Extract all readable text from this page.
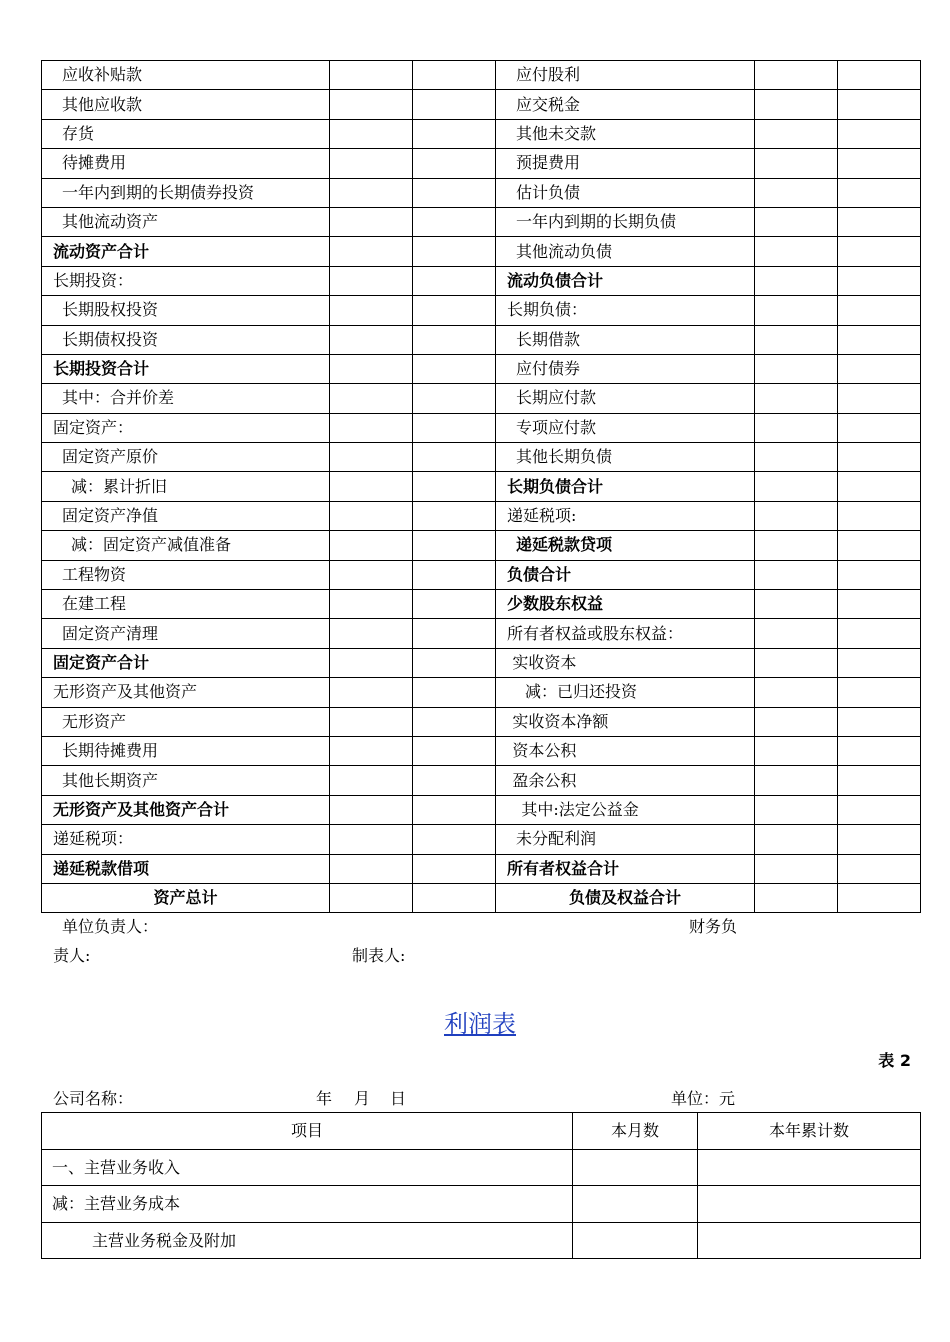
应收补贴款			应付股利		
其他应收款			应交税金		
存货			其他未交款		
待摊费用			预提费用		
一年内到期的长期债券投资			估计负债		
其他流动资产			一年内到期的长期负债		
流动资产合计			其他流动负债		
长期投资：			流动负债合计		
长期股权投资			长期负债：		
长期债权投资			长期借款		
长期投资合计			应付债券		
其中：合并价差			长期应付款		
固定资产：			专项应付款		
固定资产原价			其他长期负债		
减：累计折旧			长期负债合计		
固定资产净值			递延税项:		
减：固定资产减值准备			递延税款贷项		
工程物资			负债合计		
在建工程			少数股东权益		
固定资产清理			所有者权益或股东权益：		
固定资产合计			实收资本		
无形资产及其他资产			减：已归还投资		
无形资产			实收资本净额		
长期待摊费用			资本公积		
其他长期资产			盈余公积		
无形资产及其他资产合计			其中:法定公益金		
递延税项：			未分配利润		
递延税款借项			所有者权益合计		
资产总计			负债及权益合计		
单位负责人：	财务负
责人:	制表人:
利润表
表 2
公司名称：	年 月 日	单位：元
项目	本月数	本年累计数
一、主营业务收入		
减：主营业务成本		
主营业务税金及附加		
